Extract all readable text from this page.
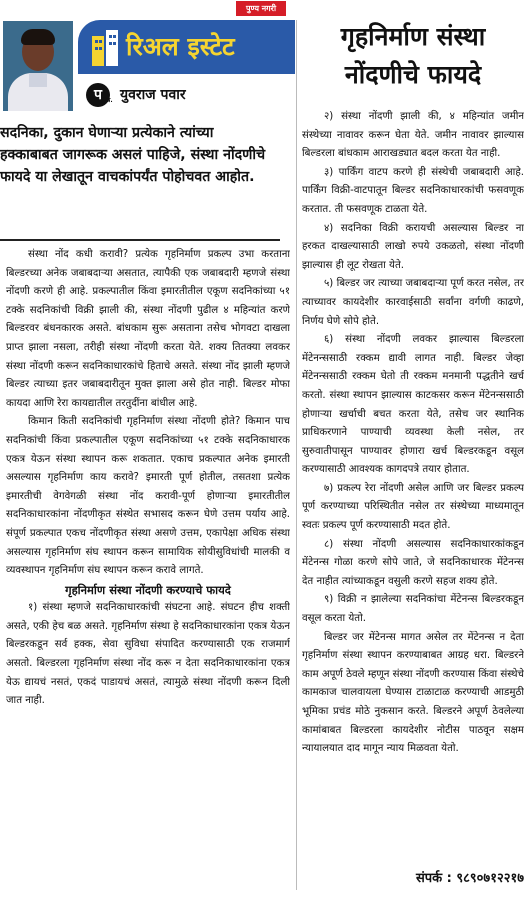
पुण्य नगरी
रिअल इस्टेट
प प्र. युवराज पवार

सदनिका, दुकान घेणाऱ्या प्रत्येकाने त्यांच्या हक्काबाबत जागरूक असलं पाहिजे, संस्था नोंदणीचे फायदे या लेखातून वाचकांपर्यंत पोहोचवत आहोत.

संस्था नोंद कधी करावी? प्रत्येक गृहनिर्माण प्रकल्प उभा करताना बिल्डरच्या अनेक जबाबदाऱ्या असतात, त्यापैकी एक जबाबदारी म्हणजे संस्था नोंदणी करणे ही आहे. प्रकल्पातील किंवा इमारतीतील एकूण सदनिकांच्या ५१ टक्के सदनिकांची विक्री झाली की, संस्था नोंदणी पुढील ४ महिन्यांत करणे बिल्डरवर बंधनकारक असते. बांधकाम सुरू असताना तसेच भोगवटा दाखला प्राप्त झाला नसला, तरीही संस्था नोंदणी करता येते. शक्य तितक्या लवकर संस्था नोंदणी करून सदनिकाधारकांचे हिताचे असते. संस्था नोंद झाली म्हणजे बिल्डर त्याच्या इतर जबाबदारीतून मुक्त झाला असे होत नाही. बिल्डर मोफा कायदा आणि रेरा कायद्यातील तरतुदींना बांधील आहे.

किमान किती सदनिकांची गृहनिर्माण संस्था नोंदणी होते? किमान पाच सदनिकांची किंवा प्रकल्पातील एकूण सदनिकांच्या ५१ टक्के सदनिकाधारक एकत्र येऊन संस्था स्थापन करू शकतात. एकाच प्रकल्पात अनेक इमारती असल्यास गृहनिर्माण काय करावे? इमारती पूर्ण होतील, तसतशा प्रत्येक इमारतीची वेगवेगळी संस्था नोंद करावी-पूर्ण होणाऱ्या इमारतीतील सदनिकाधारकांना नोंदणीकृत संस्थेत सभासद करून घेणे उत्तम पर्याय आहे. संपूर्ण प्रकल्पात एकच नोंदणीकृत संस्था असणे उत्तम, एकापेक्षा अधिक संस्था असल्यास गृहनिर्माण संघ स्थापन करून सामायिक सोयीसुविधांची मालकी व व्यवस्थापन गृहनिर्माण संघ स्थापन करून करावे लागते.

गृहनिर्माण संस्था नोंदणी करण्याचे फायदे

१) संस्था म्हणजे सदनिकाधारकांची संघटना आहे. संघटन हीच शक्ती असते, एकी हेच बळ असते. गृहनिर्माण संस्था हे सदनिकाधारकांना एकत्र येऊन बिल्डरकडून सर्व हक्क, सेवा सुविधा संपादित करण्यासाठी एक राजमार्ग असतो. बिल्डरला गृहनिर्माण संस्था नोंद करू न देता सदनिकाधारकांना एकत्र येऊ द्यायचं नसतं, एकदं पाडायचं असतं, त्यामुळे संस्था नोंदणी करून दिली जात नाही.

गृहनिर्माण संस्था नोंदणीचे फायदे

२) संस्था नोंदणी झाली की, ४ महिन्यांत जमीन संस्थेच्या नावावर करून घेता येते. जमीन नावावर झाल्यास बिल्डरला बांधकाम आराखड्यात बदल करता येत नाही.

३) पार्किंग वाटप करणे ही संस्थेची जबाबदारी आहे. पार्किंग विक्री-वाटपातून बिल्डर सदनिकाधारकांची फसवणूक करतात. ती फसवणूक टाळता येते.

४) सदनिका विक्री करायची असल्यास बिल्डर ना हरकत दाखल्यासाठी लाखो रुपये उकळतो, संस्था नोंदणी झाल्यास ही लूट रोखता येते.

५) बिल्डर जर त्याच्या जबाबदाऱ्या पूर्ण करत नसेल, तर त्याच्यावर कायदेशीर कारवाईसाठी सर्वांना वर्गणी काढणे, निर्णय घेणे सोपे होते.

६) संस्था नोंदणी लवकर झाल्यास बिल्डरला मेंटेनन्ससाठी रक्कम द्यावी लागत नाही. बिल्डर जेव्हा मेंटेनन्ससाठी रक्कम घेतो ती रक्कम मनमानी पद्धतीने खर्च करतो. संस्था स्थापन झाल्यास काटकसर करून मेंटेनन्ससाठी होणाऱ्या खर्चाची बचत करता येते, तसेच जर स्थानिक प्राधिकरणाने पाण्याची व्यवस्था केली नसेल, तर सुरुवातीपासून पाण्यावर होणारा खर्च बिल्डरकडून वसूल करण्यासाठी आवश्यक कागदपत्रे तयार होतात.

७) प्रकल्प रेरा नोंदणी असेल आणि जर बिल्डर प्रकल्प पूर्ण करण्याच्या परिस्थितीत नसेल तर संस्थेच्या माध्यमातून स्वतः प्रकल्प पूर्ण करण्यासाठी मदत होते.

८) संस्था नोंदणी असल्यास सदनिकाधारकांकडून मेंटेनन्स गोळा करणे सोपे जाते, जे सदनिकाधारक मेंटेनन्स देत नाहीत त्यांच्याकडून वसुली करणे सहज शक्य होते.

९) विक्री न झालेल्या सदनिकांचा मेंटेनन्स बिल्डरकडून वसूल करता येतो.

बिल्डर जर मेंटेनन्स मागत असेल तर मेंटेनन्स न देता गृहनिर्माण संस्था स्थापन करण्याबाबत आग्रह धरा. बिल्डरने काम अपूर्ण ठेवले म्हणून संस्था नोंदणी करण्यास किंवा संस्थेचे कामकाज चालवायला घेण्यास टाळाटाळ करण्याची आडमुठी भूमिका प्रचंड मोठे नुकसान करते. बिल्डरने अपूर्ण ठेवलेल्या कामांबाबत बिल्डरला कायदेशीर नोटीस पाठवून सक्षम न्यायालयात दाद मागून न्याय मिळवता येतो.

संपर्क : ९८९०७१२२१७
